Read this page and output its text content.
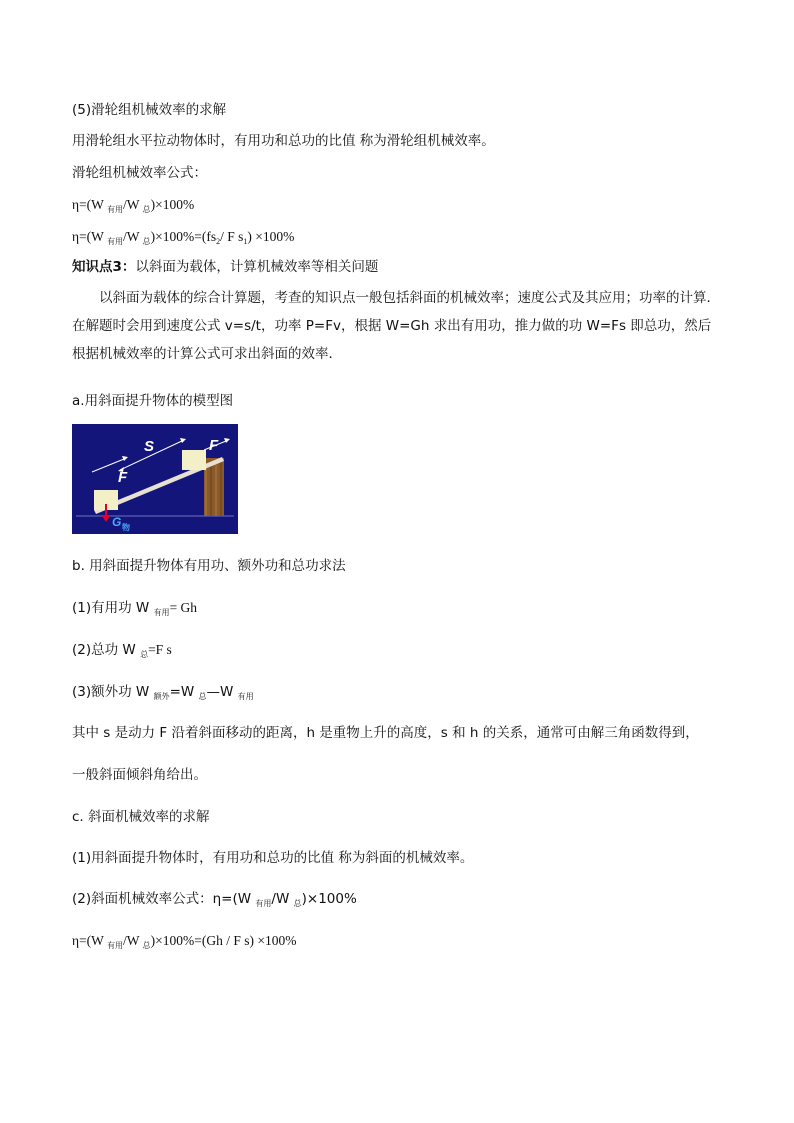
(5)滑轮组机械效率的求解
用滑轮组水平拉动物体时，有用功和总功的比值 称为滑轮组机械效率。
滑轮组机械效率公式：
η=(W $_{有用}$/W $_总$)×100%
η=(W $_{有用}$/W $_总)\times 100\%=(fs_2/$ F $s_1) \times 100\%$
知识点3：以斜面为载体，计算机械效率等相关问题
以斜面为载体的综合计算题，考查的知识点一般包括斜面的机械效率；速度公式及其应用；功率的计算．在解题时会用到速度公式 v=s/t，功率 P=Fv，根据 W=Gh 求出有用功，推力做的功 W=Fs 即总功，然后根据机械效率的计算公式可求出斜面的效率．
a.用斜面提升物体的模型图
S	F
F
G 物
b. 用斜面提升物体有用功、额外功和总功求法
(1)有用功 W $_{有用}$= Gh
(2)总功 W $_总$=F s
(3)额外功 W $_{额外}$=W $_总$—W $_{有用}$
其中 s 是动力 F 沿着斜面移动的距离，h 是重物上升的高度，s 和 h 的关系，通常可由解三角函数得到，
一般斜面倾斜角给出。
c. 斜面机械效率的求解
(1)用斜面提升物体时，有用功和总功的比值 称为斜面的机械效率。
(2)斜面机械效率公式：η=(W $_{有用}$/W $_总$)×100%
η=(W $_{有用}$/W $_总$)×100%=(Gh / F s) ×100%
